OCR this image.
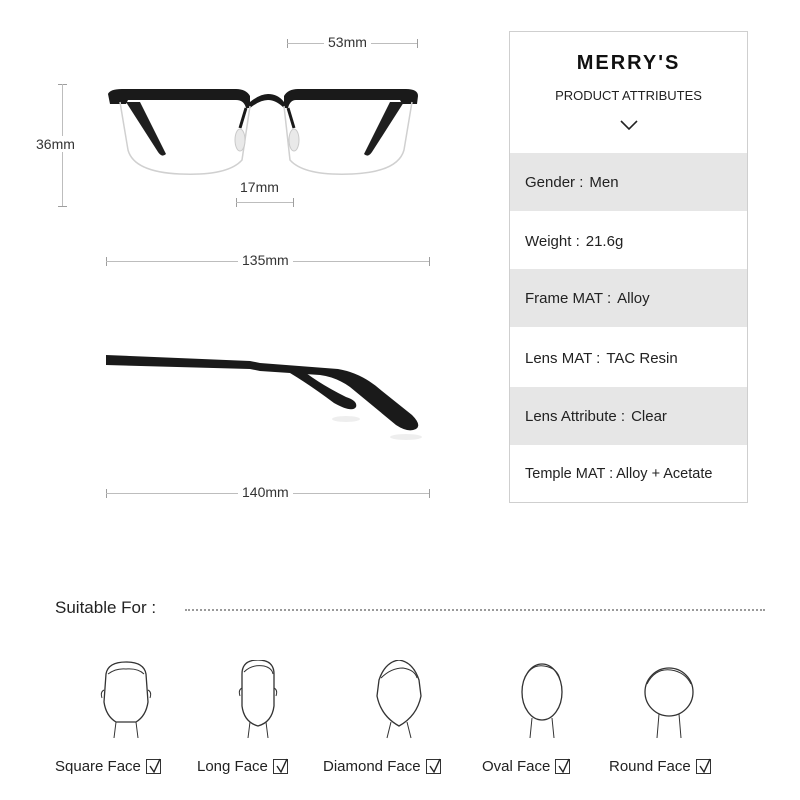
53mm
36mm
17mm
135mm
140mm
MERRY'S
PRODUCT ATTRIBUTES
Gender : Men
Weight : 21.6g
Frame MAT : Alloy
Lens MAT : TAC Resin
Lens Attribute : Clear
Temple MAT : Alloy + Acetate
Suitable For :
Square Face	Long Face	Diamond Face	Oval Face	Round Face
